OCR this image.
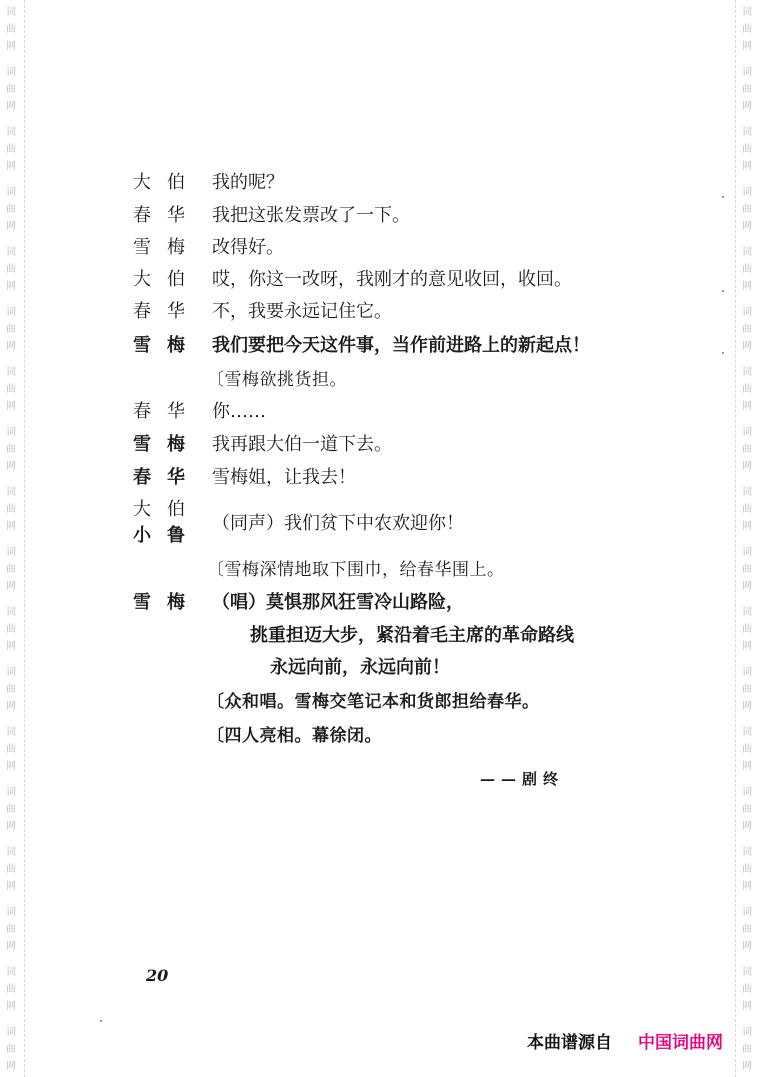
词
曲
网
词
曲
网
词
曲
网
词
曲
网
词
曲
网
词
曲
网
词
曲
网
词
曲
网
词
曲
网
词
曲
网
词
曲
网
词
曲
网
词
曲
网
词
曲
网
词
曲
网
词
曲
网
词
曲
网
词
曲
网
词
曲
网
词
曲
网
词
曲
网
词
曲
网
词
曲
网
词
曲
网
词
曲
网
词
曲
网
词
曲
网
词
曲
网
词
曲
网
词
曲
网
词
曲
网
词
曲
网
词
曲
网
词
曲
网
词
曲
网
词
曲
网
大伯 我的呢？
春华 我把这张发票改了一下。
雪梅 改得好。
大伯 哎，你这一改呀，我刚才的意见收回，收回。
春华 不，我要永远记住它。
雪梅 我们要把今天这件事，当作前进路上的新起点！
〔雪梅欲挑货担。
春华 你……
雪梅 我再跟大伯一道下去。
春华 雪梅姐，让我去！
大伯
小鲁
（同声）我们贫下中农欢迎你！
〔雪梅深情地取下围巾，给春华围上。
雪梅 （唱）莫惧那风狂雪冷山路险，
挑重担迈大步，紧沿着毛主席的革命路线
永远向前，永远向前！
〔众和唱。雪梅交笔记本和货郎担给春华。
〔四人亮相。幕徐闭。
——剧终
20
本曲谱源自 中国词曲网
